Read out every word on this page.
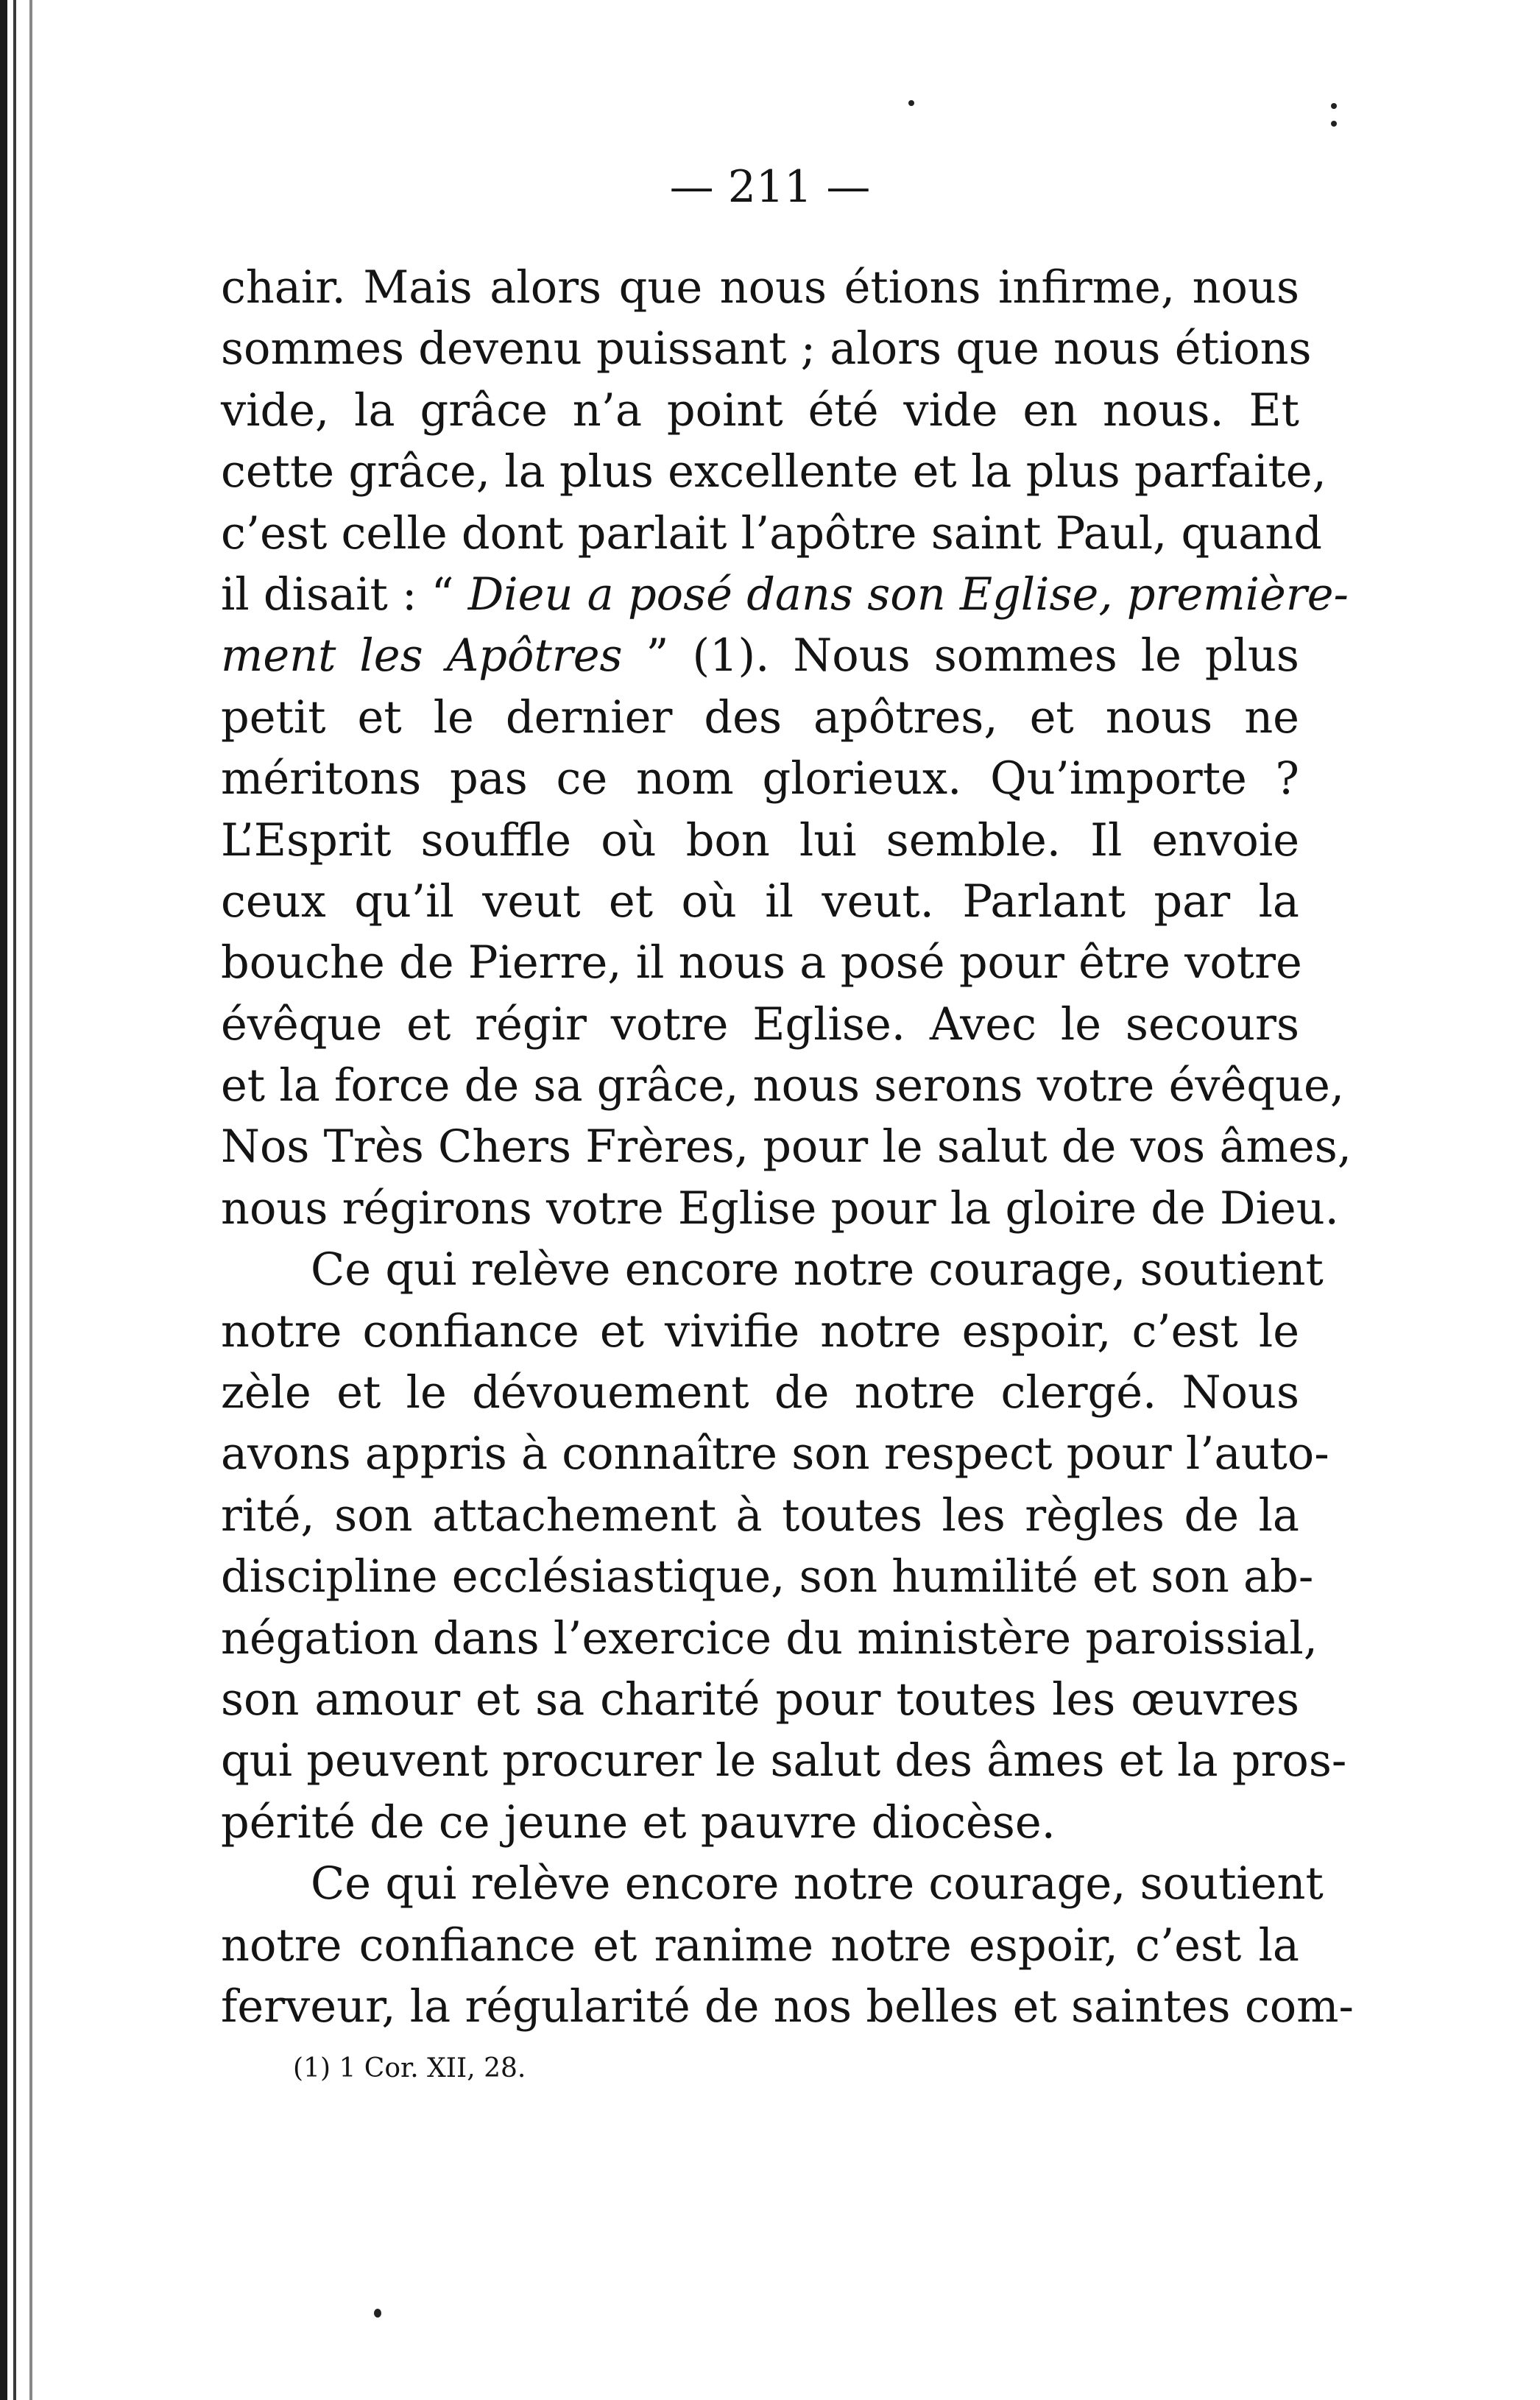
— 211 —
chair. Mais alors que nous étions infirme, nous
sommes devenu puissant ; alors que nous étions
vide, la grâce n’a point été vide en nous. Et
cette grâce, la plus excellente et la plus parfaite,
c’est celle dont parlait l’apôtre saint Paul, quand
il disait : “ Dieu a posé dans son Eglise, première-
ment les Apôtres ” (1). Nous sommes le plus
petit et le dernier des apôtres, et nous ne
méritons pas ce nom glorieux. Qu’importe ?
L’Esprit souffle où bon lui semble. Il envoie
ceux qu’il veut et où il veut. Parlant par la
bouche de Pierre, il nous a posé pour être votre
évêque et régir votre Eglise. Avec le secours
et la force de sa grâce, nous serons votre évêque,
Nos Très Chers Frères, pour le salut de vos âmes,
nous régirons votre Eglise pour la gloire de Dieu.
Ce qui relève encore notre courage, soutient
notre confiance et vivifie notre espoir, c’est le
zèle et le dévouement de notre clergé. Nous
avons appris à connaître son respect pour l’auto-
rité, son attachement à toutes les règles de la
discipline ecclésiastique, son humilité et son ab-
négation dans l’exercice du ministère paroissial,
son amour et sa charité pour toutes les œuvres
qui peuvent procurer le salut des âmes et la pros-
périté de ce jeune et pauvre diocèse.
Ce qui relève encore notre courage, soutient
notre confiance et ranime notre espoir, c’est la
ferveur, la régularité de nos belles et saintes com-
(1) 1 Cor. XII, 28.
